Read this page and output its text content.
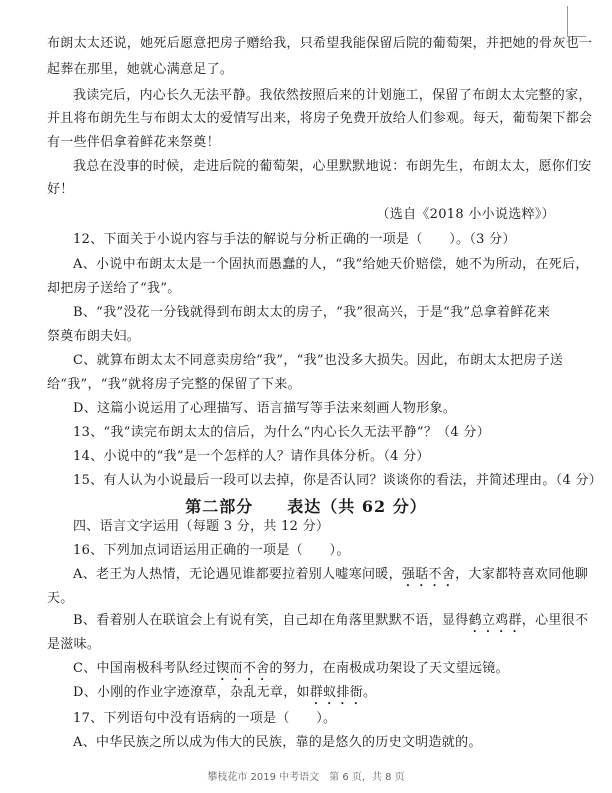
布朗太太还说，她死后愿意把房子赠给我，只希望我能保留后院的葡萄架，并把她的骨灰也一
起葬在那里，她就心满意足了。
我读完后，内心长久无法平静。我依然按照后来的计划施工，保留了布朗太太完整的家，
并且将布朗先生与布朗太太的爱情写出来，将房子免费开放给人们参观。每天，葡萄架下都会
有一些伴侣拿着鲜花来祭奠！
我总在没事的时候，走进后院的葡萄架，心里默默地说：布朗先生，布朗太太，愿你们安
好！
（选自《2018 小小说选粹》）
12、下面关于小说内容与手法的解说与分析正确的一项是（　　）。（3 分）
A、小说中布朗太太是一个固执而愚蠢的人，“我”给她天价赔偿，她不为所动，在死后，
却把房子送给了“我”。
B、“我”没花一分钱就得到布朗太太的房子，“我”很高兴，于是“我”总拿着鲜花来
祭奠布朗夫妇。
C、就算布朗太太不同意卖房给“我”，“我”也没多大损失。因此，布朗太太把房子送
给“我”，“我”就将房子完整的保留了下来。
D、这篇小说运用了心理描写、语言描写等手法来刻画人物形象。
13、“我”读完布朗太太的信后，为什么“内心长久无法平静”？（4 分）
14、小说中的“我”是一个怎样的人？请作具体分析。（4 分）
15、有人认为小说最后一段可以去掉，你是否认同？谈谈你的看法，并简述理由。（4 分）
第二部分　　表达（共 62 分）
四、语言文字运用（每题 3 分，共 12 分）
16、下列加点词语运用正确的一项是（　　）。
A、老王为人热情，无论遇见谁都要拉着别人嘘寒问暖，强聒不舍，大家都特喜欢同他聊
天。
B、看着别人在联谊会上有说有笑，自己却在角落里默默不语，显得鹤立鸡群，心里很不
是滋味。
C、中国南极科考队经过锲而不舍的努力，在南极成功架设了天文望远镜。
D、小刚的作业字迹潦草，杂乱无章，如群蚁排衙。
17、下列语句中没有语病的一项是（　　）。
A、中华民族之所以成为伟大的民族，靠的是悠久的历史文明造就的。
攀枝花市 2019 中考语文　第 6 页，共 8 页
